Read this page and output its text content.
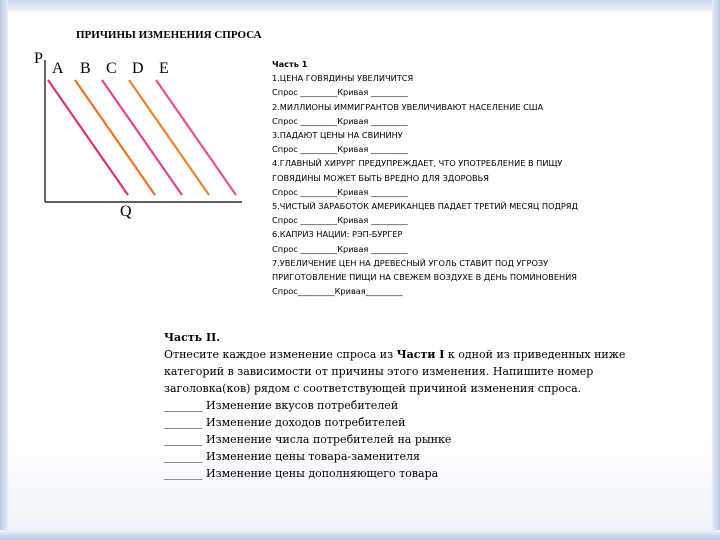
ПРИЧИНЫ ИЗМЕНЕНИЯ СПРОСА
P
Q
A B C D E	Часть 1
1.ЦЕНА ГОВЯДИНЫ УВЕЛИЧИТСЯ
Спрос _________Кривая _________
2.МИЛЛИОНЫ ИММИГРАНТОВ УВЕЛИЧИВАЮТ НАСЕЛЕНИЕ США
Спрос _________Кривая _________
3.ПАДАЮТ ЦЕНЫ НА СВИНИНУ
Спрос _________Кривая _________
4.ГЛАВНЫЙ ХИРУРГ ПРЕДУПРЕЖДАЕТ, ЧТО УПОТРЕБЛЕНИЕ В ПИЩУ
ГОВЯДИНЫ МОЖЕТ БЫТЬ ВРЕДНО ДЛЯ ЗДОРОВЬЯ
Спрос _________Кривая _________
5.ЧИСТЫЙ ЗАРАБОТОК АМЕРИКАНЦЕВ ПАДАЕТ ТРЕТИЙ МЕСЯЦ ПОДРЯД
Спрос _________Кривая _________
6.КАПРИЗ НАЦИИ: РЭП-БУРГЕР
Спрос _________Кривая _________
7.УВЕЛИЧЕНИЕ ЦЕН НА ДРЕВЕСНЫЙ УГОЛЬ СТАВИТ ПОД УГРОЗУ
ПРИГОТОВЛЕНИЕ ПИЩИ НА СВЕЖЕМ ВОЗДУХЕ В ДЕНЬ ПОМИНОВЕНИЯ
Спрос_________Кривая_________
Часть II.
Отнесите каждое изменение спроса из Части I к одной из приведенных ниже
категорий в зависимости от причины этого изменения. Напишите номер
заголовка(ков) рядом с соответствующей причиной изменения спроса.
_______ Изменение вкусов потребителей
_______ Изменение доходов потребителей
_______ Изменение числа потребителей на рынке
_______ Изменение цены товара-заменителя
_______ Изменение цены дополняющего товара
